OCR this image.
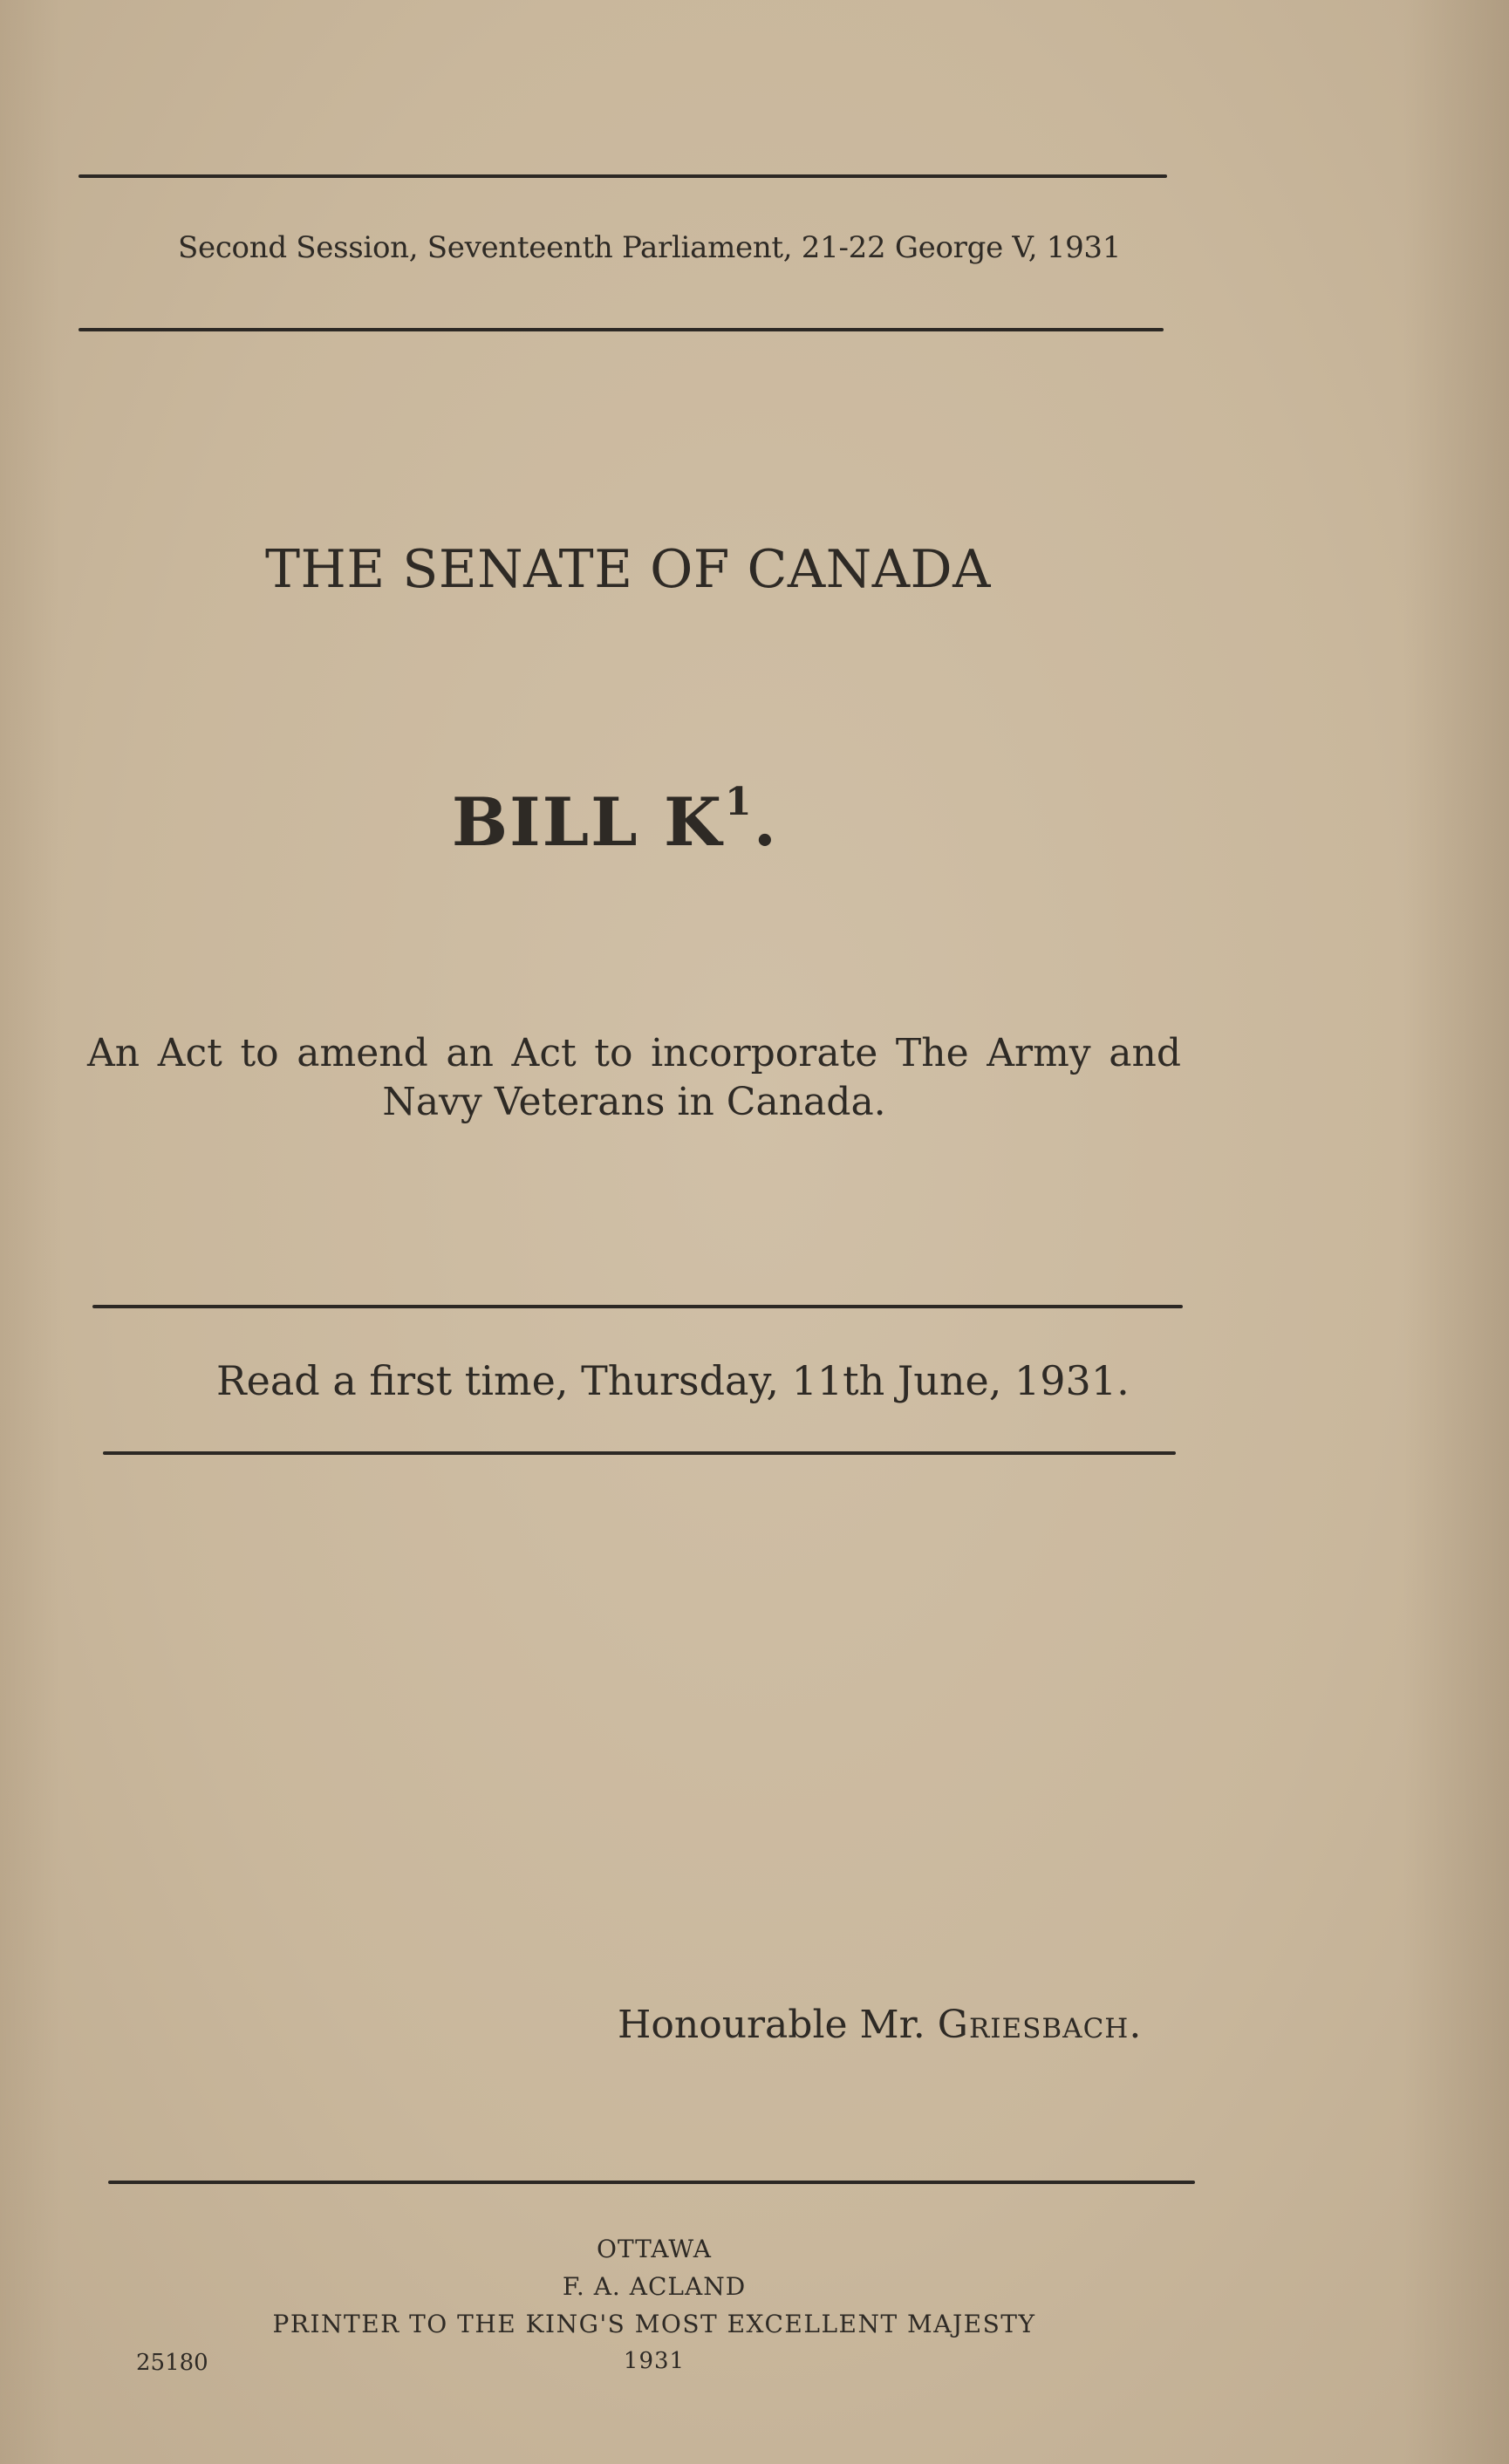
Second Session, Seventeenth Parliament, 21-22 George V, 1931
THE SENATE OF CANADA
BILL $K^1$.
An Act to amend an Act to incorporate The Army and Navy Veterans in Canada.
Read a first time, Thursday, 11th June, 1931.
Honourable Mr. Griesbach.
OTTAWA
F. A. ACLAND
PRINTER TO THE KING'S MOST EXCELLENT MAJESTY
1931
25180
